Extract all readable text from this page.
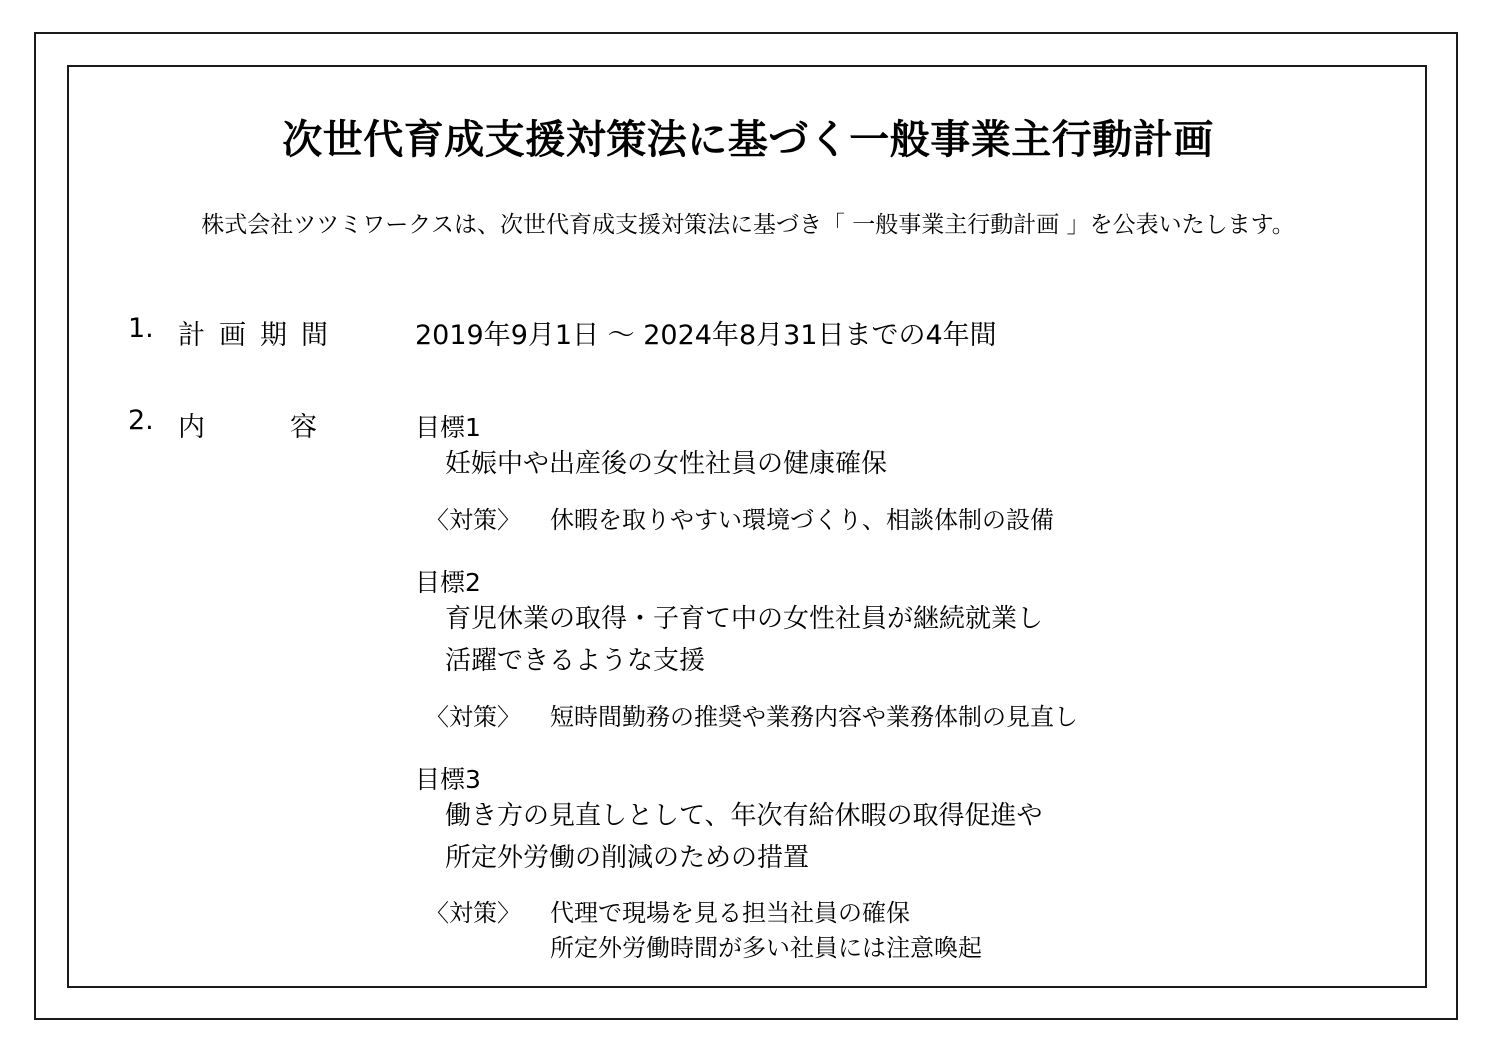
次世代育成支援対策法に基づく一般事業主行動計画
株式会社ツツミワークスは、次世代育成支援対策法に基づき「 一般事業主行動計画 」を公表いたします。
1. 計画期間	2019年9月1日 ～ 2024年8月31日までの4年間
2. 内	容	目標1
妊娠中や出産後の女性社員の健康確保
〈対策〉 休暇を取りやすい環境づくり、相談体制の設備
目標2
育児休業の取得・子育て中の女性社員が継続就業し
活躍できるような支援
〈対策〉 短時間勤務の推奨や業務内容や業務体制の見直し
目標3
働き方の見直しとして、年次有給休暇の取得促進や
所定外労働の削減のための措置
〈対策〉 代理で現場を見る担当社員の確保
所定外労働時間が多い社員には注意喚起
